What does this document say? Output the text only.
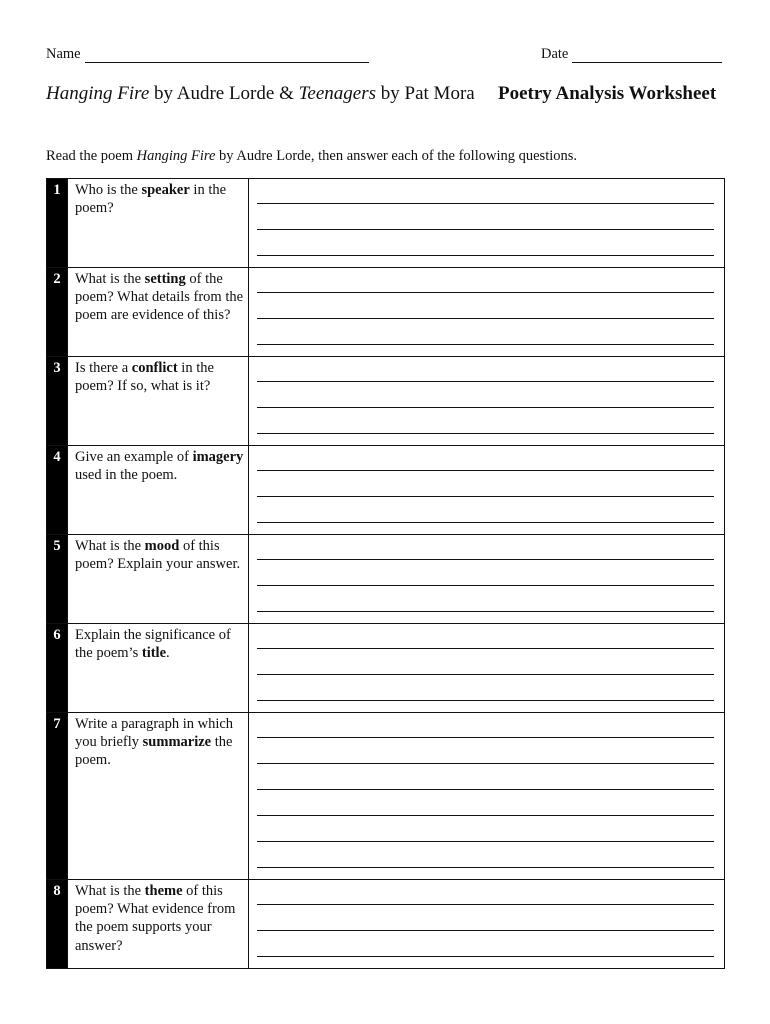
Name	Date
Hanging Fire by Audre Lorde & Teenagers by Pat Mora Poetry Analysis Worksheet
Read the poem Hanging Fire by Audre Lorde, then answer each of the following questions.
1	Who is the speaker in the poem?	

2	What is the setting of the poem? What details from the poem are evidence of this?	

3	Is there a conflict in the poem? If so, what is it?	

4	Give an example of imagery used in the poem.	

5	What is the mood of this poem? Explain your answer.	

6	Explain the significance of the poem’s title.	

7	Write a paragraph in which you briefly summarize the poem.	

8	What is the theme of this poem? What evidence from the poem supports your answer?	
